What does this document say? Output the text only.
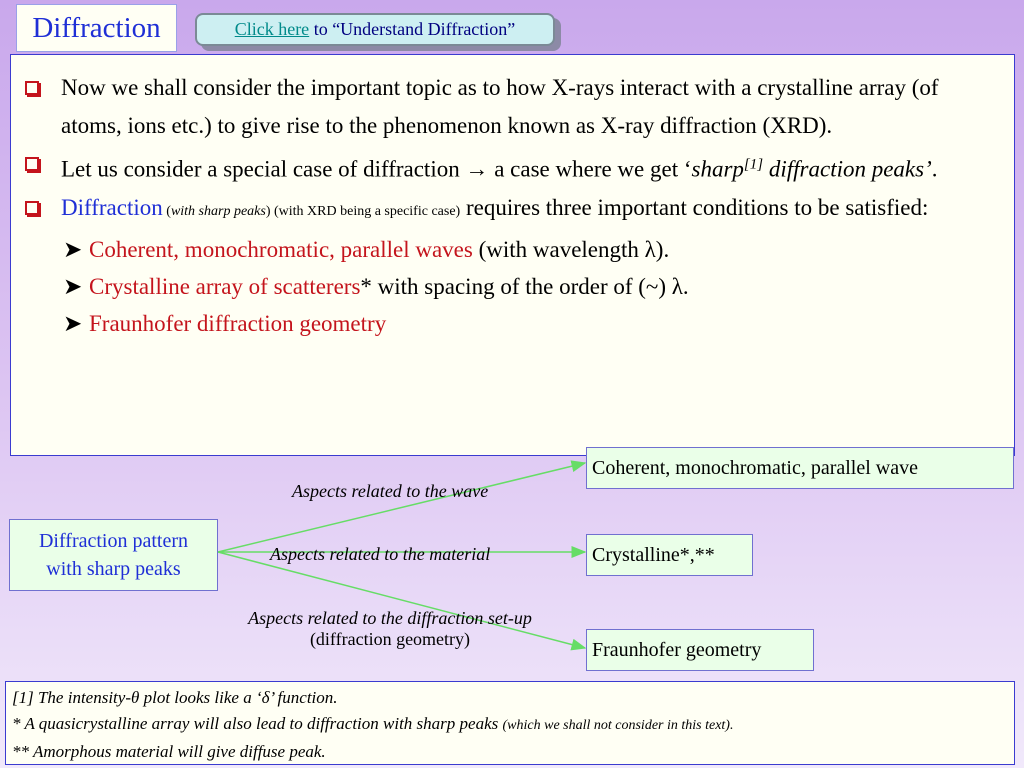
Diffraction	Click here to “Understand Diffraction”
Now we shall consider the important topic as to how X-rays interact with a crystalline array (of atoms, ions etc.) to give rise to the phenomenon known as X-ray diffraction (XRD).
Let us consider a special case of diffraction → a case where we get ‘sharp[1] diffraction peaks’.
Diffraction (with sharp peaks) (with XRD being a specific case) requires three important conditions to be satisfied:
➤ Coherent, monochromatic, parallel waves (with wavelength λ).
➤ Crystalline array of scatterers* with spacing of the order of (~) λ.
➤ Fraunhofer diffraction geometry
Diffraction pattern
with sharp peaks
Coherent, monochromatic, parallel wave
Crystalline*,**
Fraunhofer geometry
Aspects related to the wave
Aspects related to the material
Aspects related to the diffraction set-up
(diffraction geometry)
[1] The intensity-θ plot looks like a ‘δ’ function.
* A quasicrystalline array will also lead to diffraction with sharp peaks (which we shall not consider in this text).
** Amorphous material will give diffuse peak.
